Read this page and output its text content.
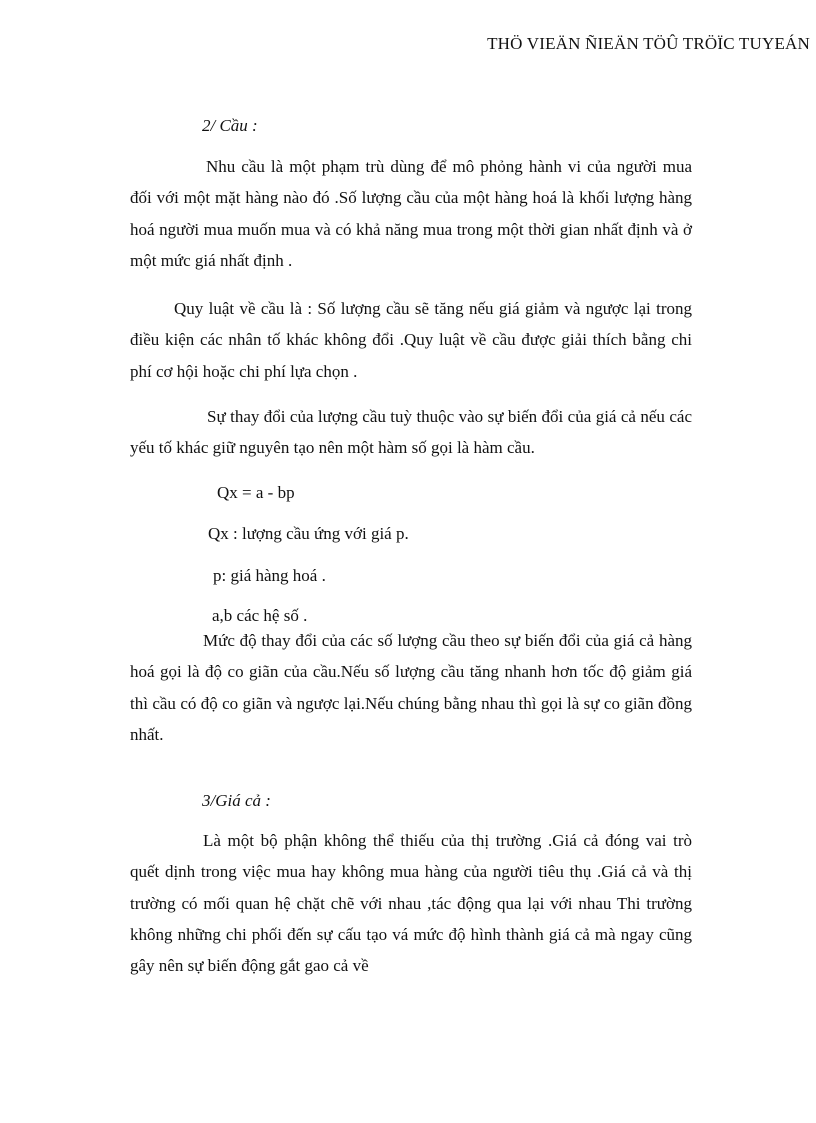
THÖ VIEÄN ÑIEÄN TÖÛ TRÖÏC TUYEÁN

2/ Cầu :

Nhu cầu là một phạm trù dùng để mô phỏng hành vi của người mua đối với một mặt hàng nào đó .Số lượng cầu của một hàng hoá là khối lượng hàng hoá người mua muốn mua và có khả năng mua trong một thời gian nhất định và ở một mức giá nhất định .

Quy luật về cầu là : Số lượng cầu sẽ tăng nếu giá giảm và ngược lại trong điều kiện các nhân tố khác không đổi .Quy luật về cầu được giải thích bằng chi phí cơ hội hoặc chi phí lựa chọn .

Sự thay đổi của lượng cầu tuỳ thuộc vào sự biến đổi của giá cả nếu các yếu tố khác giữ nguyên tạo nên một hàm số gọi là hàm cầu.

Qx = a - bp

Qx : lượng cầu ứng với giá p.

p: giá hàng hoá .

a,b các hệ số .

Mức độ thay đổi của các số lượng cầu theo sự biến đổi của giá cả hàng hoá gọi là độ co giãn của cầu.Nếu số lượng cầu tăng nhanh hơn tốc độ giảm giá thì cầu có độ co giãn và ngược lại.Nếu chúng bằng nhau thì gọi là sự co giãn đồng nhất.

3/Giá cả :

Là một bộ phận không thể thiếu của thị trường .Giá cả đóng vai trò quết dịnh trong việc mua hay không mua hàng của người tiêu thụ .Giá cả và thị trường có mối quan hệ chặt chẽ với nhau ,tác động qua lại với nhau Thi trường không những chi phối đến sự cấu tạo vá mức độ hình thành giá cả mà ngay cũng gây nên sự biến động gắt gao cả về
